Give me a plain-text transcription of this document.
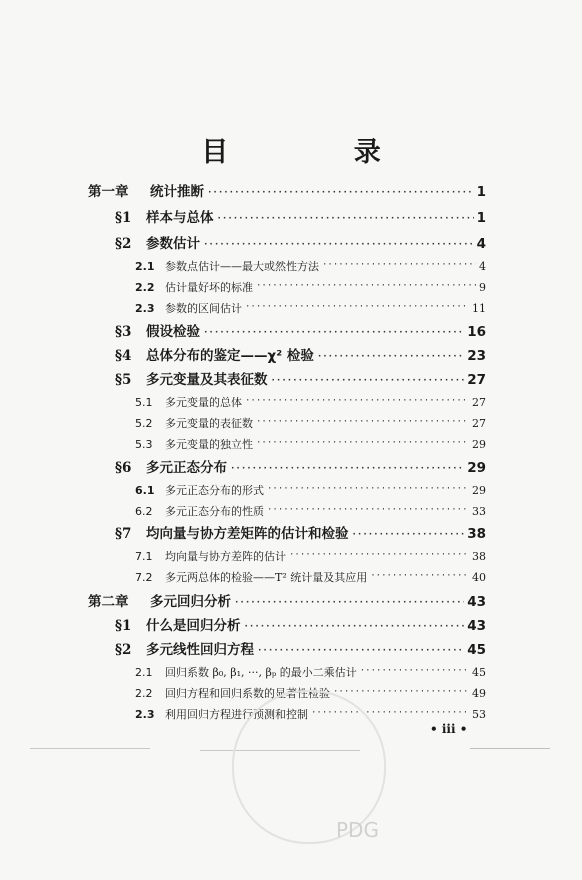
目 录
第一章	统计推断 ·····	1
§1	样本与总体 ·····	1
§2	参数估计 ·····	4
2.1 参数点估计——最大或然性方法 ·····	4
2.2 估计量好坏的标准 ·····	9
2.3 参数的区间估计 ·····	11
§3	假设检验 ·····	16
§4	总体分布的鉴定——χ² 检验 ·····	23
§5	多元变量及其表征数 ·····	27
5.1	多元变量的总体 ·····	27
5.2	多元变量的表征数 ·····	27
5.3	多元变量的独立性 ·····	29
§6	多元正态分布 ·····	29
6.1 多元正态分布的形式 ·····	29
6.2	多元正态分布的性质 ·····	33
§7	均向量与协方差矩阵的估计和检验 ·····	38
7.1	均向量与协方差阵的估计 ·····	38
7.2	多元两总体的检验——T² 统计量及其应用 ·····	40
第二章	多元回归分析 ·····	43
§1	什么是回归分析 ·····	43
§2	多元线性回归方程 ·····	45
2.1	回归系数 β₀, β₁, ···, βₚ 的最小二乘估计 ·····	45
2.2	回归方程和回归系数的显著性检验 ·····	49
2.3 利用回归方程进行预测和控制 ·····	53
• iii •
PDG
